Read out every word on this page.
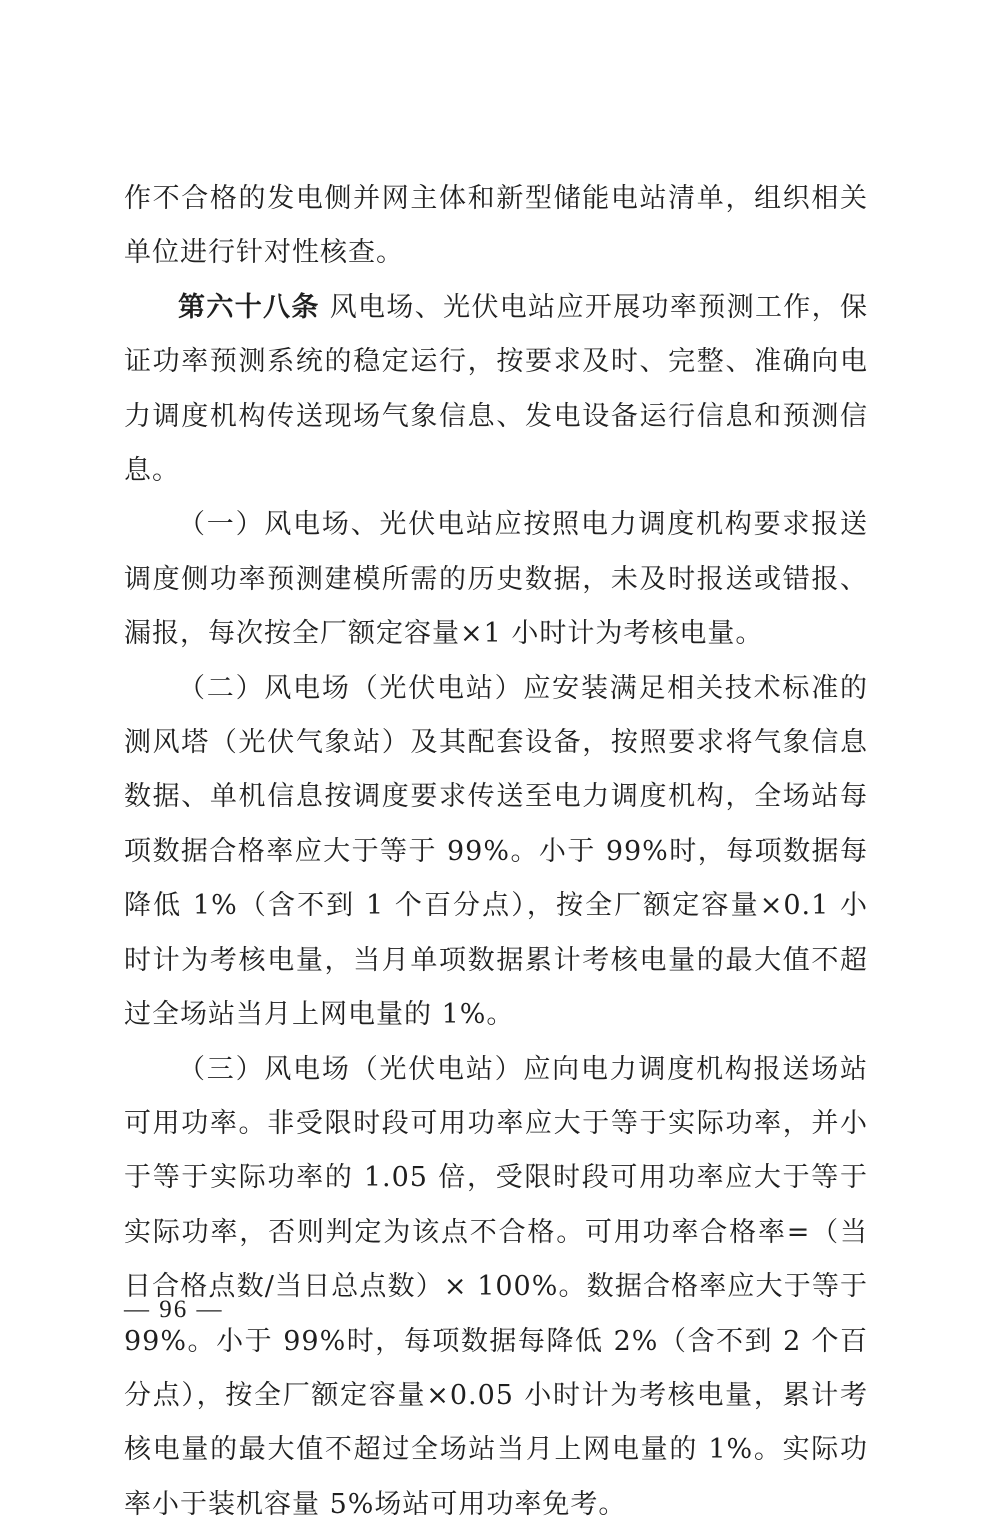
作不合格的发电侧并网主体和新型储能电站清单，组织相关单位进行针对性核查。

第六十八条 风电场、光伏电站应开展功率预测工作，保证功率预测系统的稳定运行，按要求及时、完整、准确向电力调度机构传送现场气象信息、发电设备运行信息和预测信息。

（一）风电场、光伏电站应按照电力调度机构要求报送调度侧功率预测建模所需的历史数据，未及时报送或错报、漏报，每次按全厂额定容量×1 小时计为考核电量。

（二）风电场（光伏电站）应安装满足相关技术标准的测风塔（光伏气象站）及其配套设备，按照要求将气象信息数据、单机信息按调度要求传送至电力调度机构，全场站每项数据合格率应大于等于 99%。小于 99%时，每项数据每降低 1%（含不到 1 个百分点），按全厂额定容量×0.1 小时计为考核电量，当月单项数据累计考核电量的最大值不超过全场站当月上网电量的 1%。

（三）风电场（光伏电站）应向电力调度机构报送场站可用功率。非受限时段可用功率应大于等于实际功率，并小于等于实际功率的 1.05 倍，受限时段可用功率应大于等于实际功率，否则判定为该点不合格。可用功率合格率=（当日合格点数/当日总点数）× 100%。数据合格率应大于等于 99%。小于 99%时，每项数据每降低 2%（含不到 2 个百分点），按全厂额定容量×0.05 小时计为考核电量，累计考核电量的最大值不超过全场站当月上网电量的 1%。实际功率小于装机容量 5%场站可用功率免考。

— 96 —
